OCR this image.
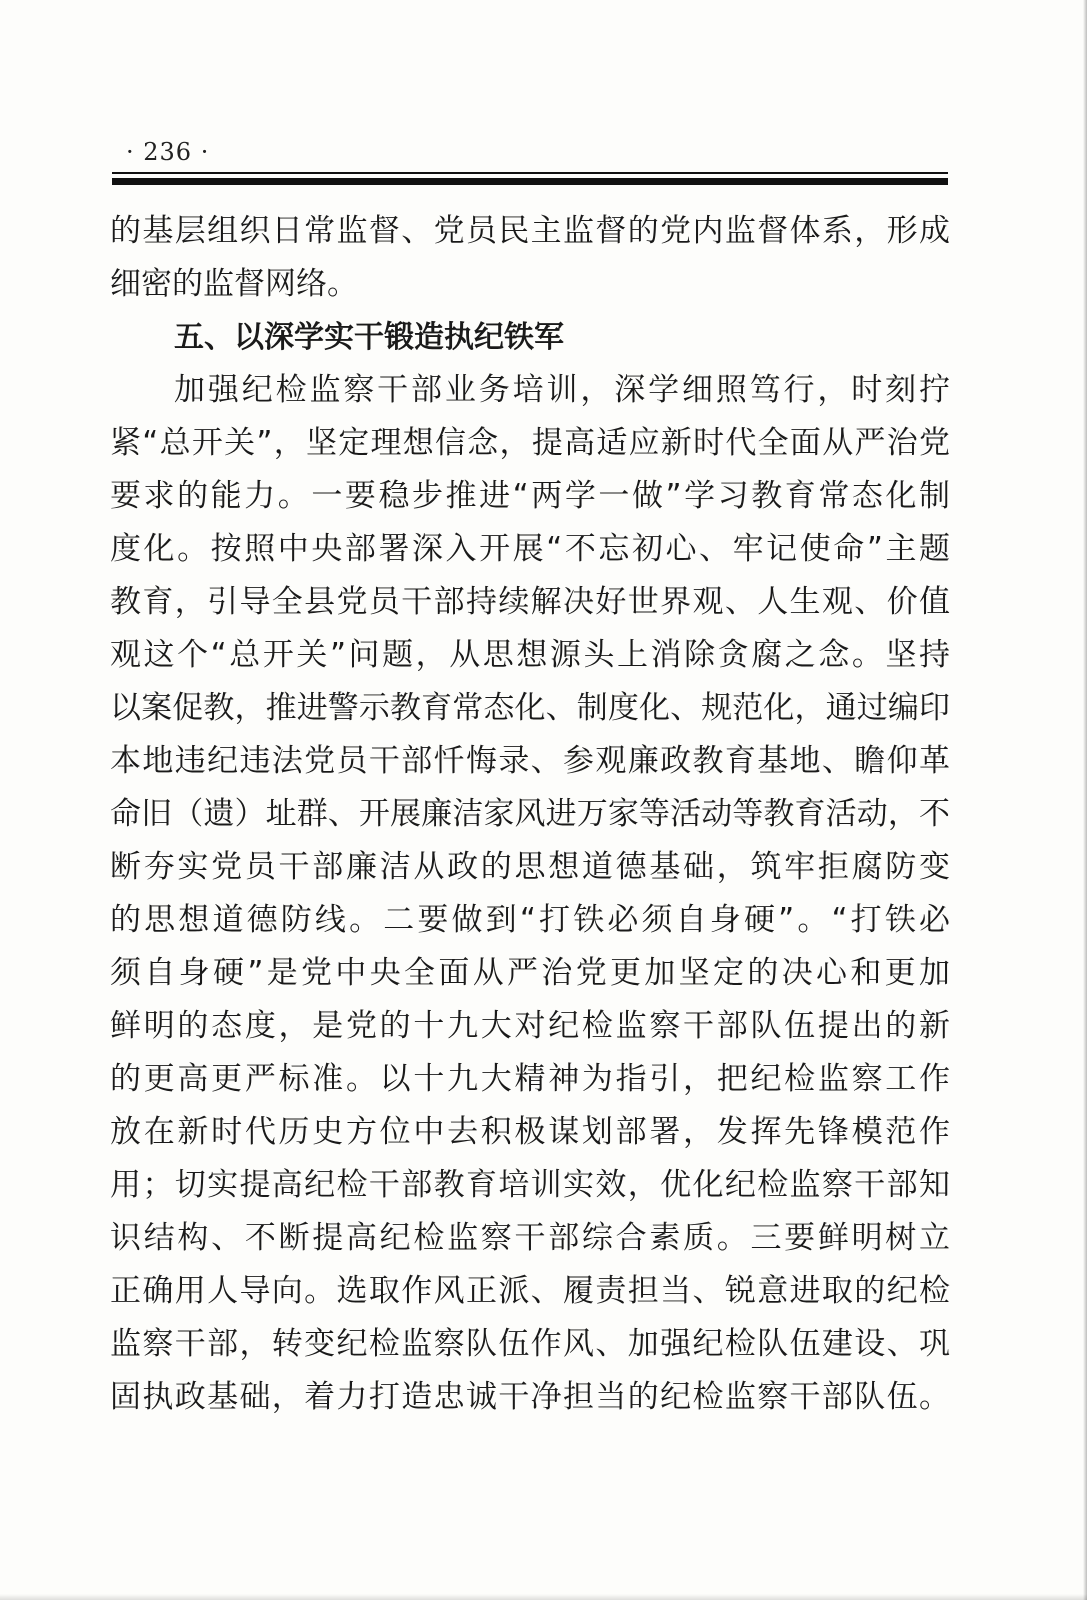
· 236 ·
的基层组织日常监督、党员民主监督的党内监督体系，形成
细密的监督网络。
五、以深学实干锻造执纪铁军
加强纪检监察干部业务培训，深学细照笃行，时刻拧
紧“总开关”，坚定理想信念，提高适应新时代全面从严治党
要求的能力。一要稳步推进“两学一做”学习教育常态化制
度化。按照中央部署深入开展“不忘初心、牢记使命”主题
教育，引导全县党员干部持续解决好世界观、人生观、价值
观这个“总开关”问题，从思想源头上消除贪腐之念。坚持
以案促教，推进警示教育常态化、制度化、规范化，通过编印
本地违纪违法党员干部忏悔录、参观廉政教育基地、瞻仰革
命旧（遗）址群、开展廉洁家风进万家等活动等教育活动，不
断夯实党员干部廉洁从政的思想道德基础，筑牢拒腐防变
的思想道德防线。二要做到“打铁必须自身硬”。“打铁必
须自身硬”是党中央全面从严治党更加坚定的决心和更加
鲜明的态度，是党的十九大对纪检监察干部队伍提出的新
的更高更严标准。以十九大精神为指引，把纪检监察工作
放在新时代历史方位中去积极谋划部署，发挥先锋模范作
用；切实提高纪检干部教育培训实效，优化纪检监察干部知
识结构、不断提高纪检监察干部综合素质。三要鲜明树立
正确用人导向。选取作风正派、履责担当、锐意进取的纪检
监察干部，转变纪检监察队伍作风、加强纪检队伍建设、巩
固执政基础，着力打造忠诚干净担当的纪检监察干部队伍。
